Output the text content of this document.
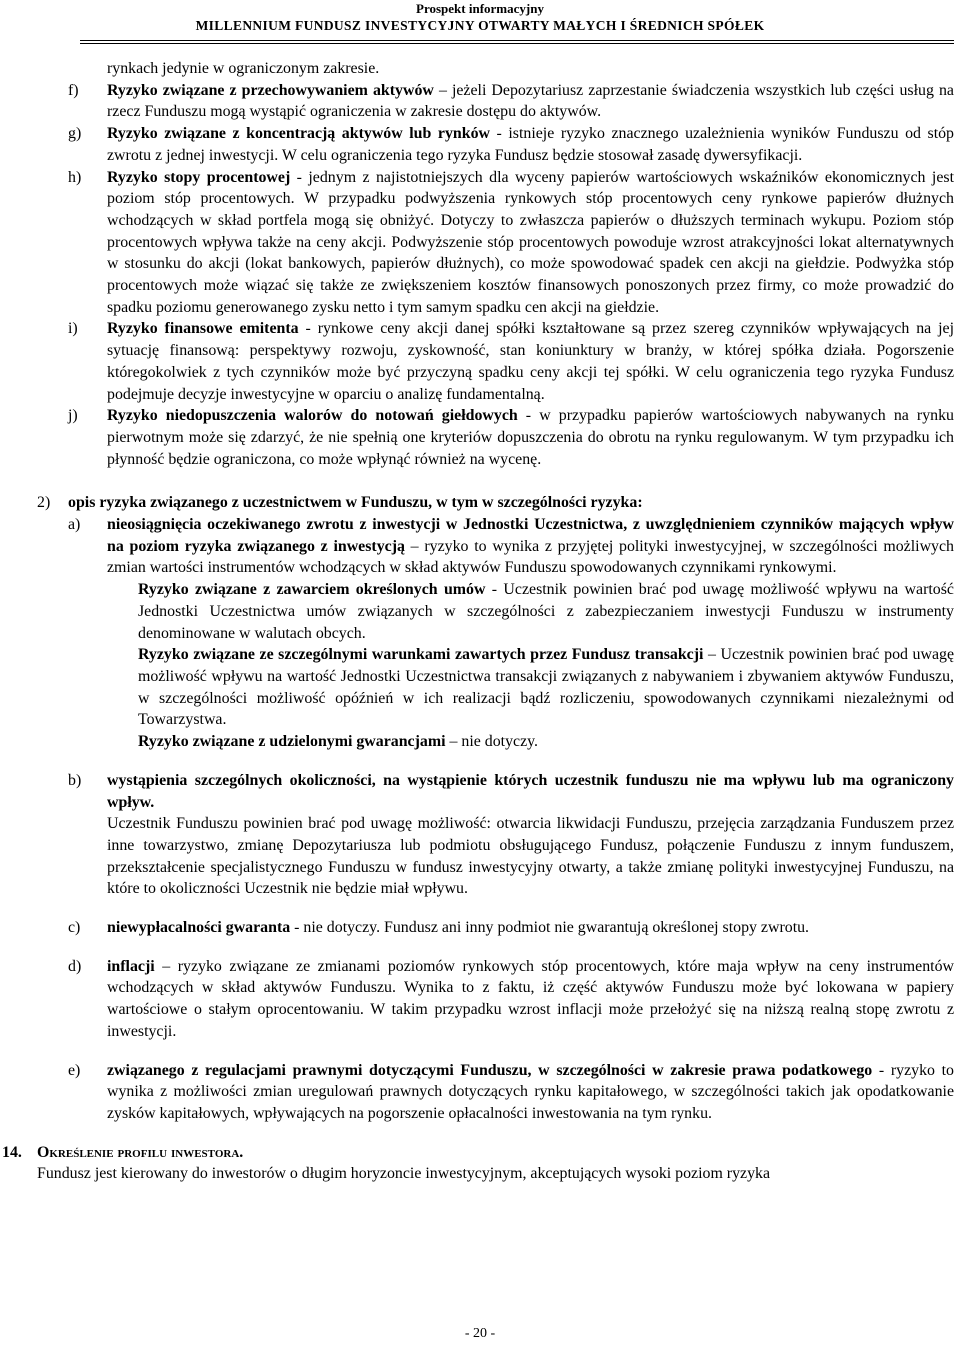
Prospekt informacyjny
MILLENNIUM FUNDUSZ INVESTYCYJNY OTWARTY MAŁYCH I ŚREDNICH SPÓŁEK

rynkach jedynie w ograniczonym zakresie.

f) Ryzyko związane z przechowywaniem aktywów – jeżeli Depozytariusz zaprzestanie świadczenia wszystkich lub części usług na rzecz Funduszu mogą wystąpić ograniczenia w zakresie dostępu do aktywów.
g) Ryzyko związane z koncentracją aktywów lub rynków - istnieje ryzyko znacznego uzależnienia wyników Funduszu od stóp zwrotu z jednej inwestycji. W celu ograniczenia tego ryzyka Fundusz będzie stosował zasadę dywersyfikacji.
h) Ryzyko stopy procentowej - jednym z najistotniejszych dla wyceny papierów wartościowych wskaźników ekonomicznych jest poziom stóp procentowych. W przypadku podwyższenia rynkowych stóp procentowych ceny rynkowe papierów dłużnych wchodzących w skład portfela mogą się obniżyć. Dotyczy to zwłaszcza papierów o dłuższych terminach wykupu. Poziom stóp procentowych wpływa także na ceny akcji. Podwyższenie stóp procentowych powoduje wzrost atrakcyjności lokat alternatywnych w stosunku do akcji (lokat bankowych, papierów dłużnych), co może spowodować spadek cen akcji na giełdzie. Podwyżka stóp procentowych może wiązać się także ze zwiększeniem kosztów finansowych ponoszonych przez firmy, co może prowadzić do spadku poziomu generowanego zysku netto i tym samym spadku cen akcji na giełdzie.
i) Ryzyko finansowe emitenta - rynkowe ceny akcji danej spółki kształtowane są przez szereg czynników wpływających na jej sytuację finansową: perspektywy rozwoju, zyskowność, stan koniunktury w branży, w której spółka działa. Pogorszenie któregokolwiek z tych czynników może być przyczyną spadku ceny akcji tej spółki. W celu ograniczenia tego ryzyka Fundusz podejmuje decyzje inwestycyjne w oparciu o analizę fundamentalną.
j) Ryzyko niedopuszczenia walorów do notowań giełdowych - w przypadku papierów wartościowych nabywanych na rynku pierwotnym może się zdarzyć, że nie spełnią one kryteriów dopuszczenia do obrotu na rynku regulowanym. W tym przypadku ich płynność będzie ograniczona, co może wpłynąć również na wycenę.
2) opis ryzyka związanego z uczestnictwem w Funduszu, w tym w szczególności ryzyka:
a) nieosiągnięcia oczekiwanego zwrotu z inwestycji w Jednostki Uczestnictwa, z uwzględnieniem czynników mających wpływ na poziom ryzyka związanego z inwestycją – ryzyko to wynika z przyjętej polityki inwestycyjnej, w szczególności możliwych zmian wartości instrumentów wchodzących w skład aktywów Funduszu spowodowanych czynnikami rynkowymi.

Ryzyko związane z zawarciem określonych umów - Uczestnik powinien brać pod uwagę możliwość wpływu na wartość Jednostki Uczestnictwa umów związanych w szczególności z zabezpieczaniem inwestycji Funduszu w instrumenty denominowane w walutach obcych.

Ryzyko związane ze szczególnymi warunkami zawartych przez Fundusz transakcji – Uczestnik powinien brać pod uwagę możliwość wpływu na wartość Jednostki Uczestnictwa transakcji związanych z nabywaniem i zbywaniem aktywów Funduszu, w szczególności możliwość opóźnień w ich realizacji bądź rozliczeniu, spowodowanych czynnikami niezależnymi od Towarzystwa.

Ryzyko związane z udzielonymi gwarancjami – nie dotyczy.

b) wystąpienia szczególnych okoliczności, na wystąpienie których uczestnik funduszu nie ma wpływu lub ma ograniczony wpływ.

Uczestnik Funduszu powinien brać pod uwagę możliwość: otwarcia likwidacji Funduszu, przejęcia zarządzania Funduszem przez inne towarzystwo, zmianę Depozytariusza lub podmiotu obsługującego Fundusz, połączenie Funduszu z innym funduszem, przekształcenie specjalistycznego Funduszu w fundusz inwestycyjny otwarty, a także zmianę polityki inwestycyjnej Funduszu, na które to okoliczności Uczestnik nie będzie miał wpływu.

c) niewypłacalności gwaranta - nie dotyczy. Fundusz ani inny podmiot nie gwarantują określonej stopy zwrotu.
d) inflacji – ryzyko związane ze zmianami poziomów rynkowych stóp procentowych, które maja wpływ na ceny instrumentów wchodzących w skład aktywów Funduszu. Wynika to z faktu, iż część aktywów Funduszu może być lokowana w papiery wartościowe o stałym oprocentowaniu. W takim przypadku wzrost inflacji może przełożyć się na niższą realną stopę zwrotu z inwestycji.
e) związanego z regulacjami prawnymi dotyczącymi Funduszu, w szczególności w zakresie prawa podatkowego - ryzyko to wynika z możliwości zmian uregulowań prawnych dotyczących rynku kapitałowego, w szczególności takich jak opodatkowanie zysków kapitałowych, wpływających na pogorszenie opłacalności inwestowania na tym rynku.
14. Określenie profilu inwestora.

Fundusz jest kierowany do inwestorów o długim horyzoncie inwestycyjnym, akceptujących wysoki poziom ryzyka

- 20 -
